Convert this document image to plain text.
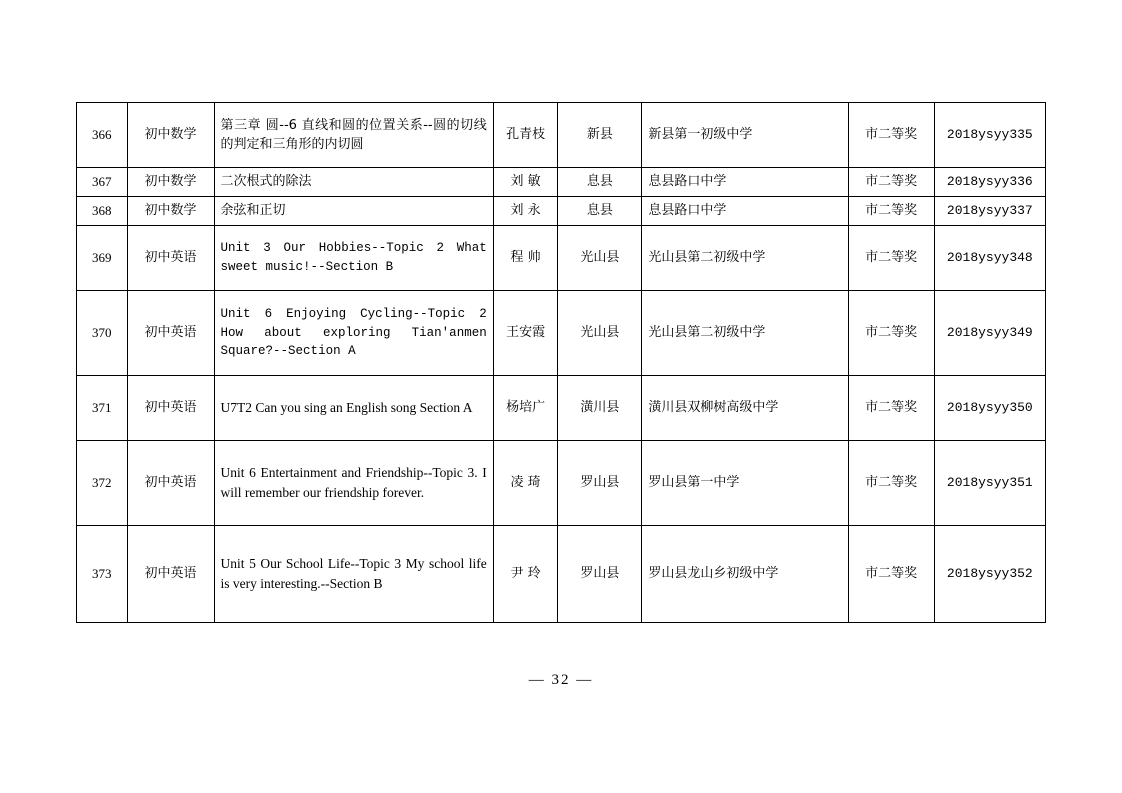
366	初中数学	第三章 圆--6 直线和圆的位置关系--圆的切线的判定和三角形的内切圆	孔青枝	新县	新县第一初级中学	市二等奖	2018ysyy335
367	初中数学	二次根式的除法	刘 敏	息县	息县路口中学	市二等奖	2018ysyy336
368	初中数学	余弦和正切	刘 永	息县	息县路口中学	市二等奖	2018ysyy337
369	初中英语	Unit 3 Our Hobbies--Topic 2 What sweet music!--Section B	程 帅	光山县	光山县第二初级中学	市二等奖	2018ysyy348
370	初中英语	Unit 6 Enjoying Cycling--Topic 2 How about exploring Tian'anmen Square?--Section A	王安霞	光山县	光山县第二初级中学	市二等奖	2018ysyy349
371	初中英语	U7T2 Can you sing an English song Section A	杨培广	潢川县	潢川县双柳树高级中学	市二等奖	2018ysyy350
372	初中英语	Unit 6 Entertainment and Friendship--Topic 3. I will remember our friendship forever.	凌 琦	罗山县	罗山县第一中学	市二等奖	2018ysyy351
373	初中英语	Unit 5 Our School Life--Topic 3 My school life is very interesting.--Section B	尹 玲	罗山县	罗山县龙山乡初级中学	市二等奖	2018ysyy352
— 32 —
